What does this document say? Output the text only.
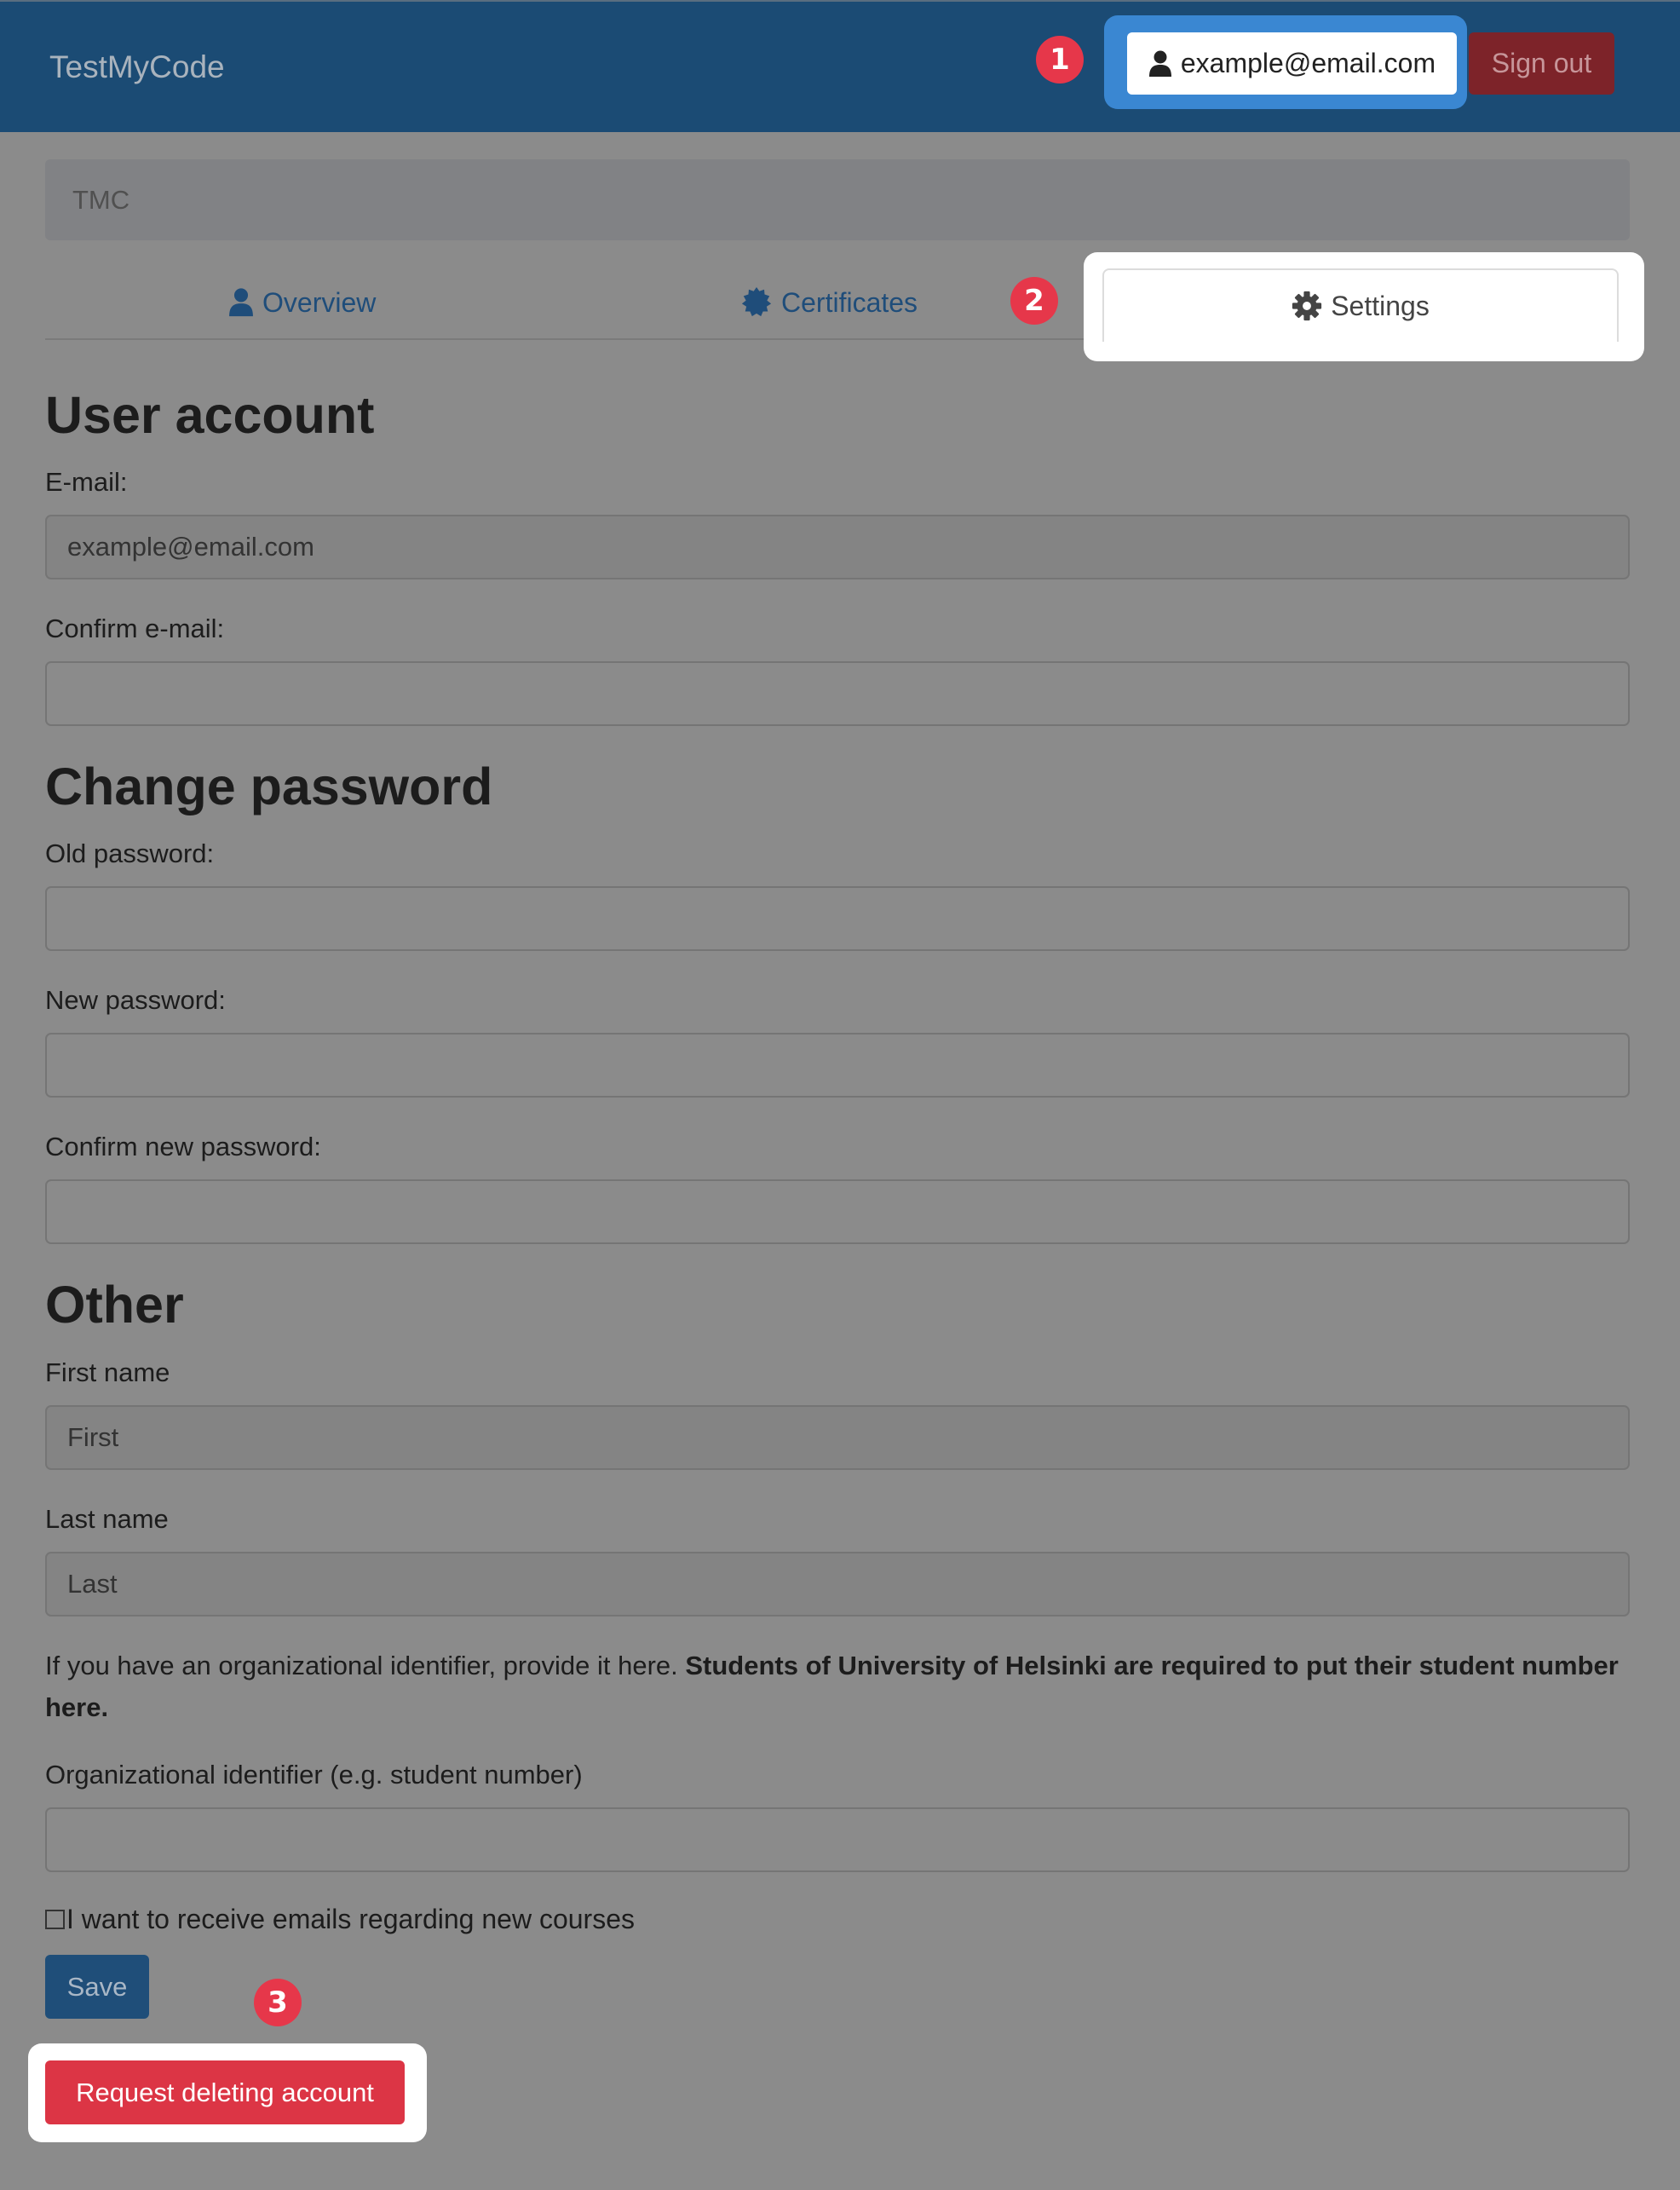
TestMyCode	example@email.com	Sign out
1
TMC
Overview	Certificates	2	Settings
User account
E-mail:
example@email.com
Confirm e-mail:
Change password
Old password:
New password:
Confirm new password:
Other
First name
First
Last name
Last

If you have an organizational identifier, provide it here. Students of University of Helsinki are required to put their student number here.

Organizational identifier (e.g. student number)
I want to receive emails regarding new courses
Save	3
Request deleting account
